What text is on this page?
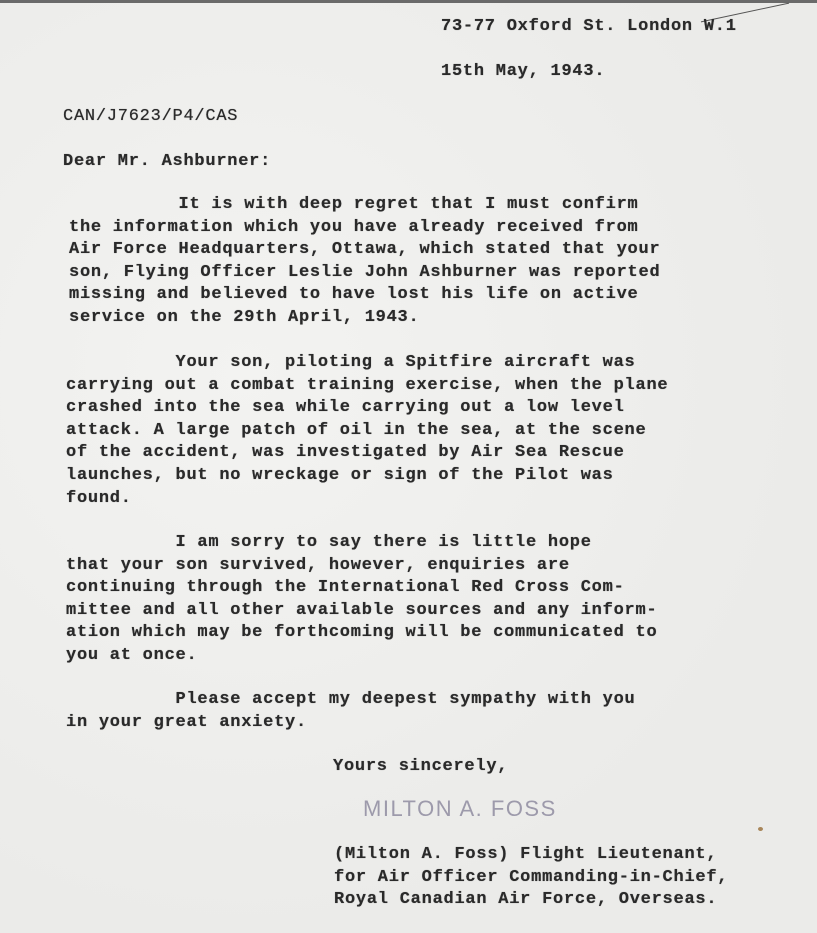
73-77 Oxford St. London W.1
15th May, 1943.
CAN/J7623/P4/CAS
Dear Mr. Ashburner:
It is with deep regret that I must confirm
the information which you have already received from
Air Force Headquarters, Ottawa, which stated that your
son, Flying Officer Leslie John Ashburner was reported
missing and believed to have lost his life on active
service on the 29th April, 1943.
Your son, piloting a Spitfire aircraft was
carrying out a combat training exercise, when the plane
crashed into the sea while carrying out a low level
attack. A large patch of oil in the sea, at the scene
of the accident, was investigated by Air Sea Rescue
launches, but no wreckage or sign of the Pilot was
found.
I am sorry to say there is little hope
that your son survived, however, enquiries are
continuing through the International Red Cross Com-
mittee and all other available sources and any inform-
ation which may be forthcoming will be communicated to
you at once.
Please accept my deepest sympathy with you
in your great anxiety.
Yours sincerely,
MILTON A. FOSS
(Milton A. Foss) Flight Lieutenant,
for Air Officer Commanding-in-Chief,
Royal Canadian Air Force, Overseas.
